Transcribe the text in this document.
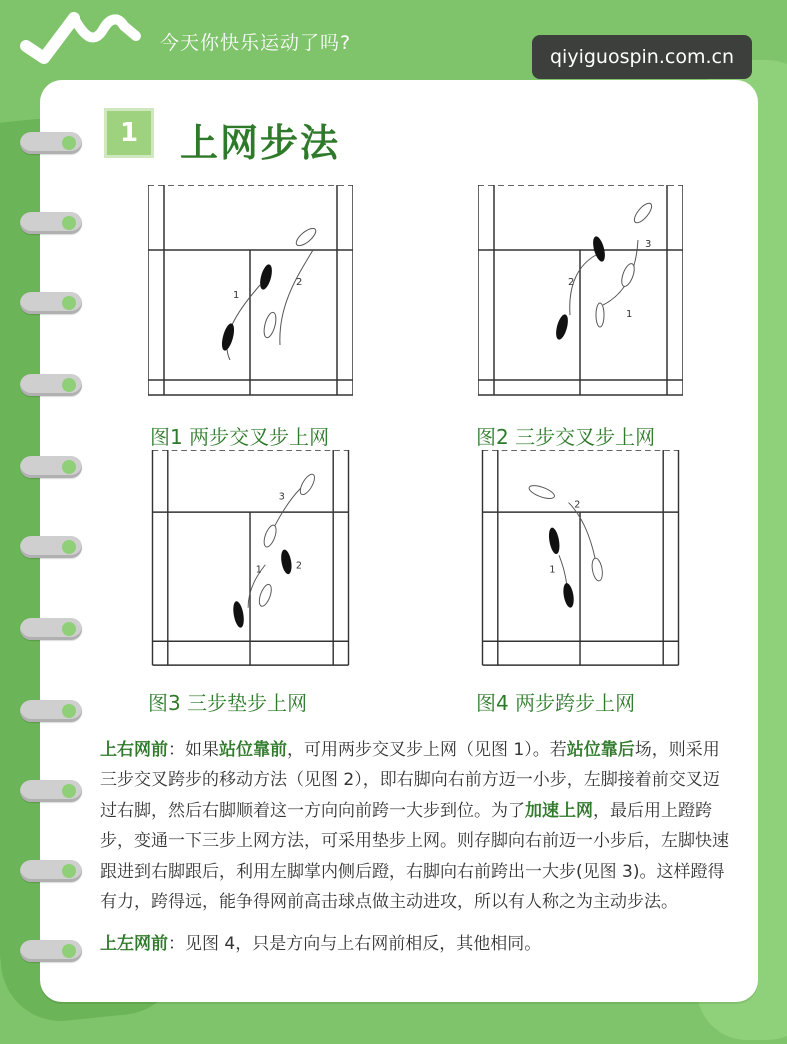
今天你快乐运动了吗?
qiyiguospin.com.cn
1	上网步法
1
2
图1 两步交叉步上网
1
2
3
图2 三步交叉步上网
1	2
3
图3 三步垫步上网
1
2
图4 两步跨步上网

上右网前：如果站位靠前，可用两步交叉步上网（见图 1）。若站位靠后场，则采用三步交叉跨步的移动方法（见图 2），即右脚向右前方迈一小步，左脚接着前交叉迈过右脚，然后右脚顺着这一方向向前跨一大步到位。为了加速上网，最后用上蹬跨步，变通一下三步上网方法，可采用垫步上网。则存脚向右前迈一小步后，左脚快速跟进到右脚跟后，利用左脚掌内侧后蹬，右脚向右前跨出一大步(见图 3)。这样蹬得有力，跨得远，能争得网前高击球点做主动进攻，所以有人称之为主动步法。

上左网前：见图 4，只是方向与上右网前相反，其他相同。
